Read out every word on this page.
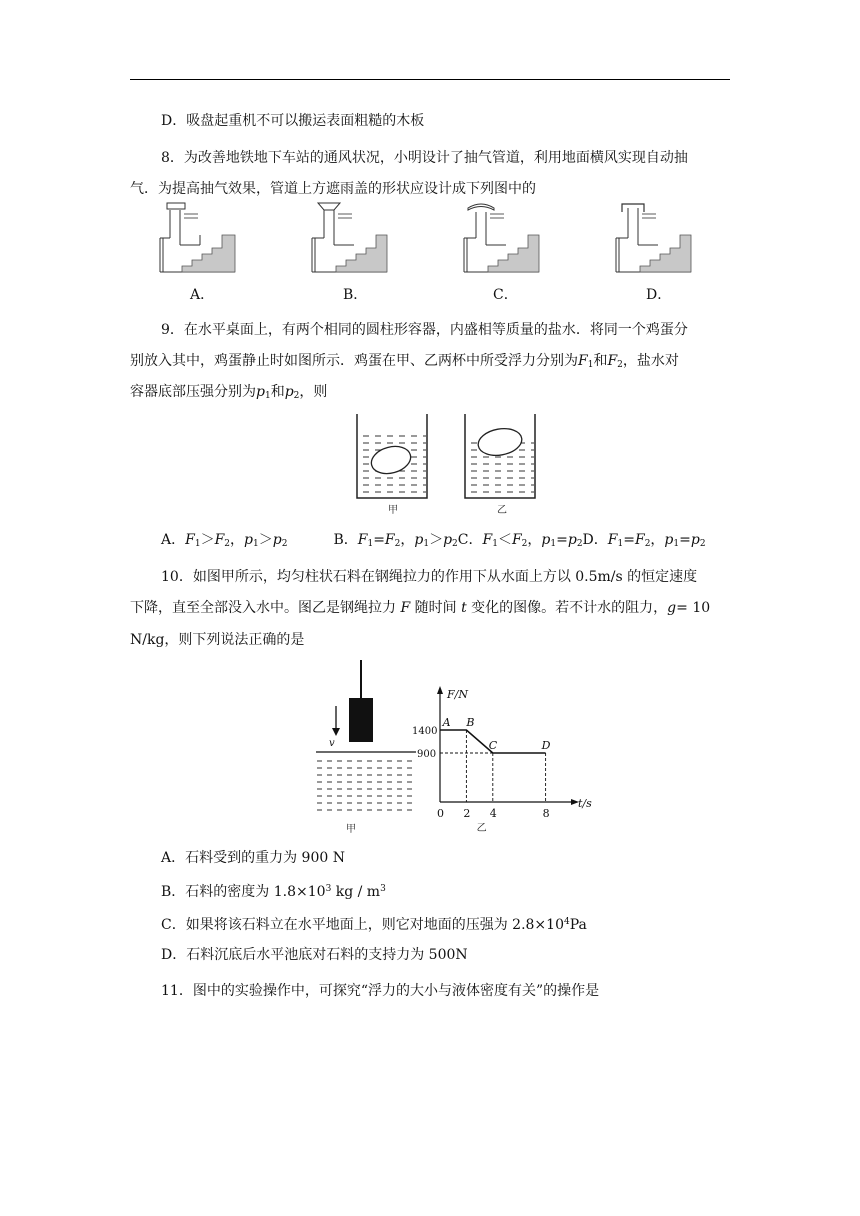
D．吸盘起重机不可以搬运表面粗糙的木板
8．为改善地铁地下车站的通风状况，小明设计了抽气管道，利用地面横风实现自动抽
气．为提高抽气效果，管道上方遮雨盖的形状应设计成下列图中的
A．	B．	C．	D．
9．在水平桌面上，有两个相同的圆柱形容器，内盛相等质量的盐水．将同一个鸡蛋分
别放入其中，鸡蛋静止时如图所示．鸡蛋在甲、乙两杯中所受浮力分别为$F_1$和$F_2$，盐水对
容器底部压强分别为$p_1$和$p_2$，则
甲	乙
A．$F_1>F_2$，$p_1>p_2$	B．$F_1=F_2$，$p_1>p_2C$．$F_1<F_2$，$p_1=p_2D$．$F_1=F_2$，$p_1=p_2$
10．如图甲所示，均匀柱状石料在钢绳拉力的作用下从水面上方以 0.5m/s 的恒定速度
下降，直至全部没入水中。图乙是钢绳拉力 F 随时间 t 变化的图像。若不计水的阻力，g= 10
N/kg，则下列说法正确的是
v
甲
F/N
t/s
0 2 4	8
900
1400
A B
C	D
乙
A．石料受到的重力为 900 N
B．石料的密度为 $1.8\times 10^3$ kg / $m^3$
C．如果将该石料立在水平地面上，则它对地面的压强为 $2.8\times 10^4Pa$
D．石料沉底后水平池底对石料的支持力为 500N
11．图中的实验操作中，可探究“浮力的大小与液体密度有关”的操作是
